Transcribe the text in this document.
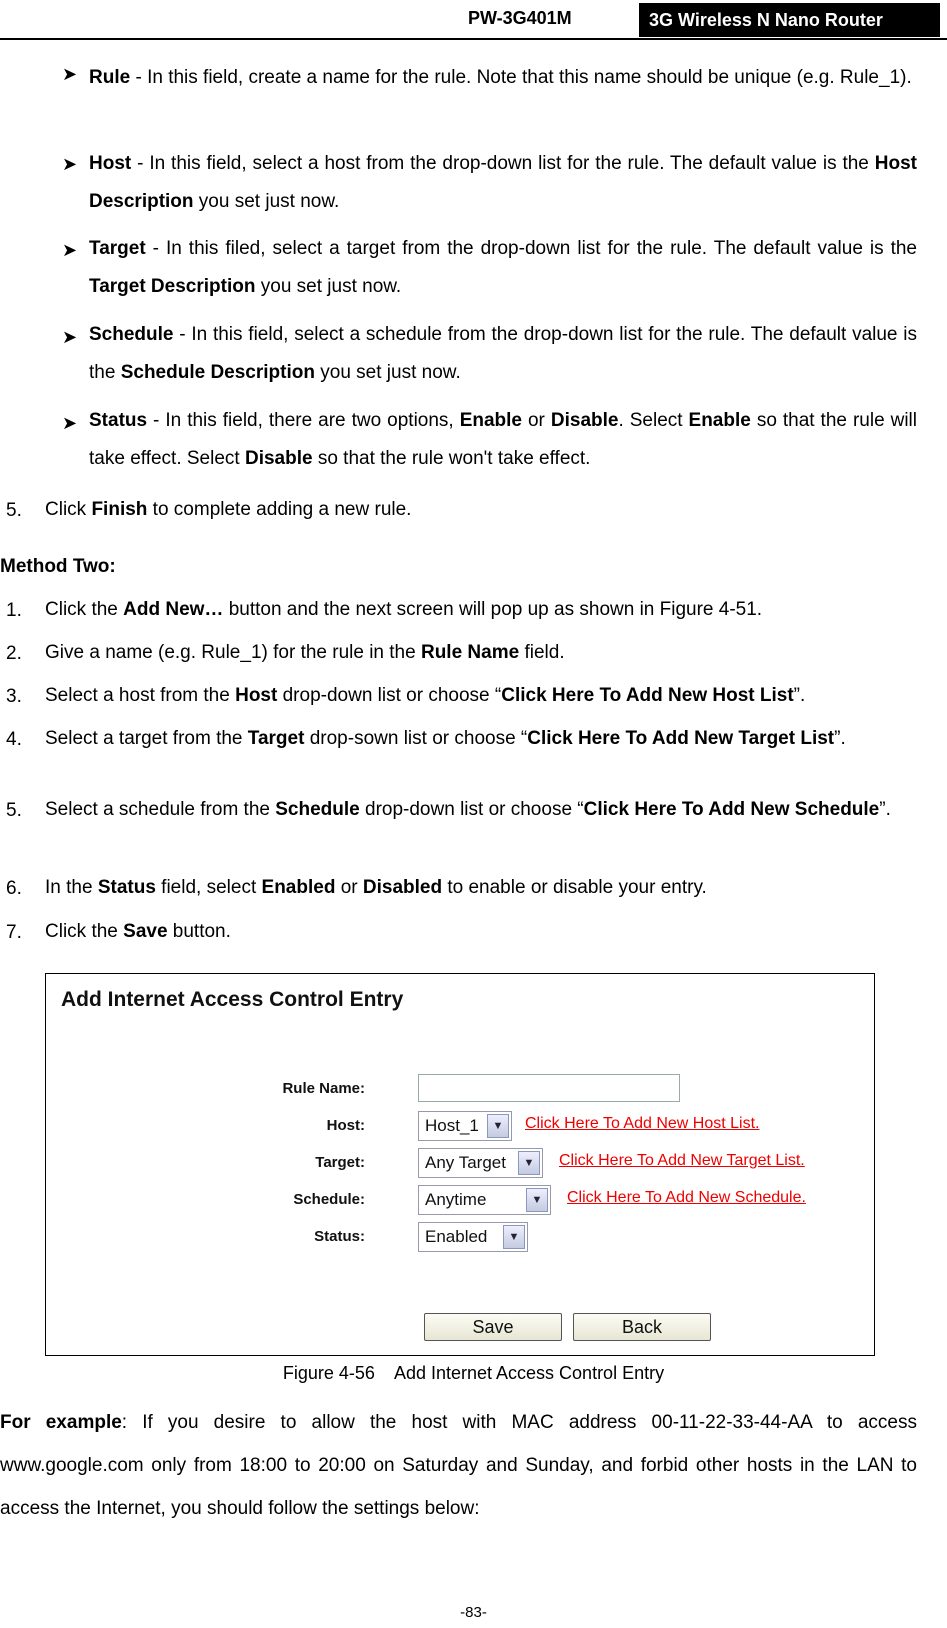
PW-3G401M	3G Wireless N Nano Router
➤ Rule - In this field, create a name for the rule. Note that this name should be unique (e.g. Rule_1).
➤ Host - In this field, select a host from the drop-down list for the rule. The default value is the Host Description you set just now.
➤ Target - In this filed, select a target from the drop-down list for the rule. The default value is the Target Description you set just now.
➤ Schedule - In this field, select a schedule from the drop-down list for the rule. The default value is the Schedule Description you set just now.
➤ Status - In this field, there are two options, Enable or Disable. Select Enable so that the rule will take effect. Select Disable so that the rule won't take effect.
5. Click Finish to complete adding a new rule.
Method Two:
1. Click the Add New… button and the next screen will pop up as shown in Figure 4-51.
2. Give a name (e.g. Rule_1) for the rule in the Rule Name field.
3. Select a host from the Host drop-down list or choose “Click Here To Add New Host List”.
4. Select a target from the Target drop-sown list or choose “Click Here To Add New Target List”.
5. Select a schedule from the Schedule drop-down list or choose “Click Here To Add New Schedule”.
6. In the Status field, select Enabled or Disabled to enable or disable your entry.
7. Click the Save button.
Add Internet Access Control Entry
Rule Name:
Host:	Host_1	▼	Click Here To Add New Host List.
Target:	Any Target	▼	Click Here To Add New Target List.
Schedule:	Anytime	▼	Click Here To Add New Schedule.
Status:	Enabled	▼
Save	Back
Figure 4-56    Add Internet Access Control Entry
For example: If you desire to allow the host with MAC address 00-11-22-33-44-AA to access www.google.com only from 18:00 to 20:00 on Saturday and Sunday, and forbid other hosts in the LAN to access the Internet, you should follow the settings below:
-83-
